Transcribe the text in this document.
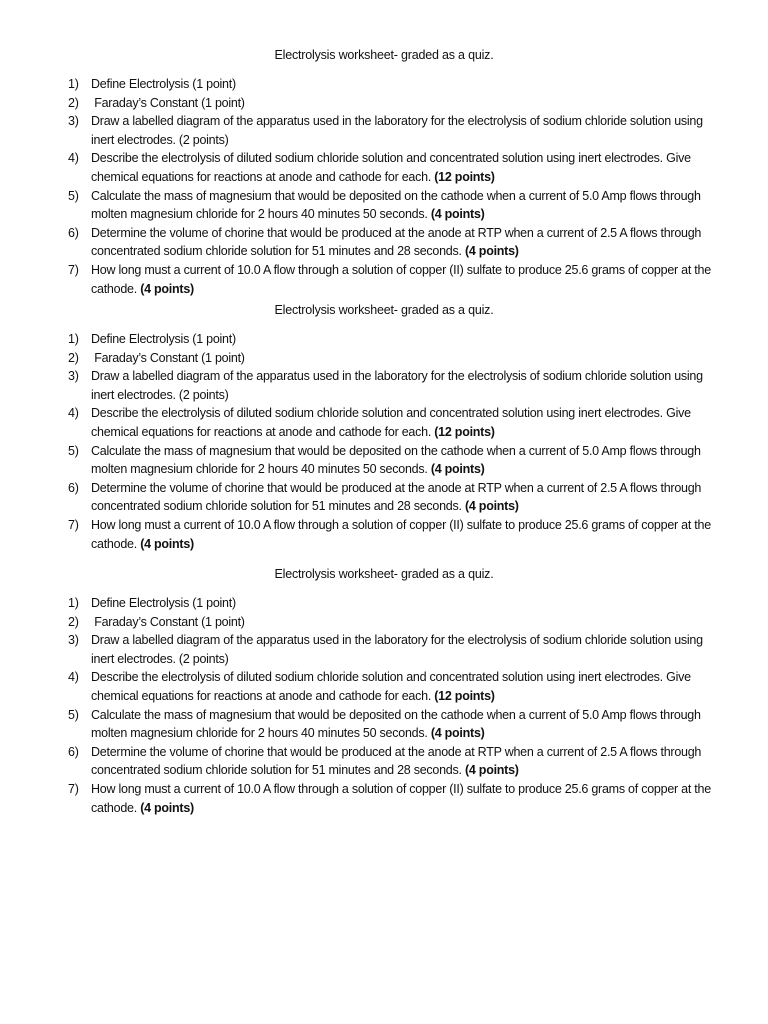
Electrolysis worksheet- graded as a quiz.
1) Define Electrolysis (1 point)
2) Faraday’s Constant (1 point)
3) Draw a labelled diagram of the apparatus used in the laboratory for the electrolysis of sodium chloride solution using inert electrodes. (2 points)
4) Describe the electrolysis of diluted sodium chloride solution and concentrated solution using inert electrodes. Give chemical equations for reactions at anode and cathode for each. (12 points)
5) Calculate the mass of magnesium that would be deposited on the cathode when a current of 5.0 Amp flows through molten magnesium chloride for 2 hours 40 minutes 50 seconds. (4 points)
6) Determine the volume of chorine that would be produced at the anode at RTP when a current of 2.5 A flows through concentrated sodium chloride solution for 51 minutes and 28 seconds. (4 points)
7) How long must a current of 10.0 A flow through a solution of copper (II) sulfate to produce 25.6 grams of copper at the cathode. (4 points)
Electrolysis worksheet- graded as a quiz.
1) Define Electrolysis (1 point)
2) Faraday’s Constant (1 point)
3) Draw a labelled diagram of the apparatus used in the laboratory for the electrolysis of sodium chloride solution using inert electrodes. (2 points)
4) Describe the electrolysis of diluted sodium chloride solution and concentrated solution using inert electrodes. Give chemical equations for reactions at anode and cathode for each. (12 points)
5) Calculate the mass of magnesium that would be deposited on the cathode when a current of 5.0 Amp flows through molten magnesium chloride for 2 hours 40 minutes 50 seconds. (4 points)
6) Determine the volume of chorine that would be produced at the anode at RTP when a current of 2.5 A flows through concentrated sodium chloride solution for 51 minutes and 28 seconds. (4 points)
7) How long must a current of 10.0 A flow through a solution of copper (II) sulfate to produce 25.6 grams of copper at the cathode. (4 points)
Electrolysis worksheet- graded as a quiz.
1) Define Electrolysis (1 point)
2) Faraday’s Constant (1 point)
3) Draw a labelled diagram of the apparatus used in the laboratory for the electrolysis of sodium chloride solution using inert electrodes. (2 points)
4) Describe the electrolysis of diluted sodium chloride solution and concentrated solution using inert electrodes. Give chemical equations for reactions at anode and cathode for each. (12 points)
5) Calculate the mass of magnesium that would be deposited on the cathode when a current of 5.0 Amp flows through molten magnesium chloride for 2 hours 40 minutes 50 seconds. (4 points)
6) Determine the volume of chorine that would be produced at the anode at RTP when a current of 2.5 A flows through concentrated sodium chloride solution for 51 minutes and 28 seconds. (4 points)
7) How long must a current of 10.0 A flow through a solution of copper (II) sulfate to produce 25.6 grams of copper at the cathode. (4 points)
